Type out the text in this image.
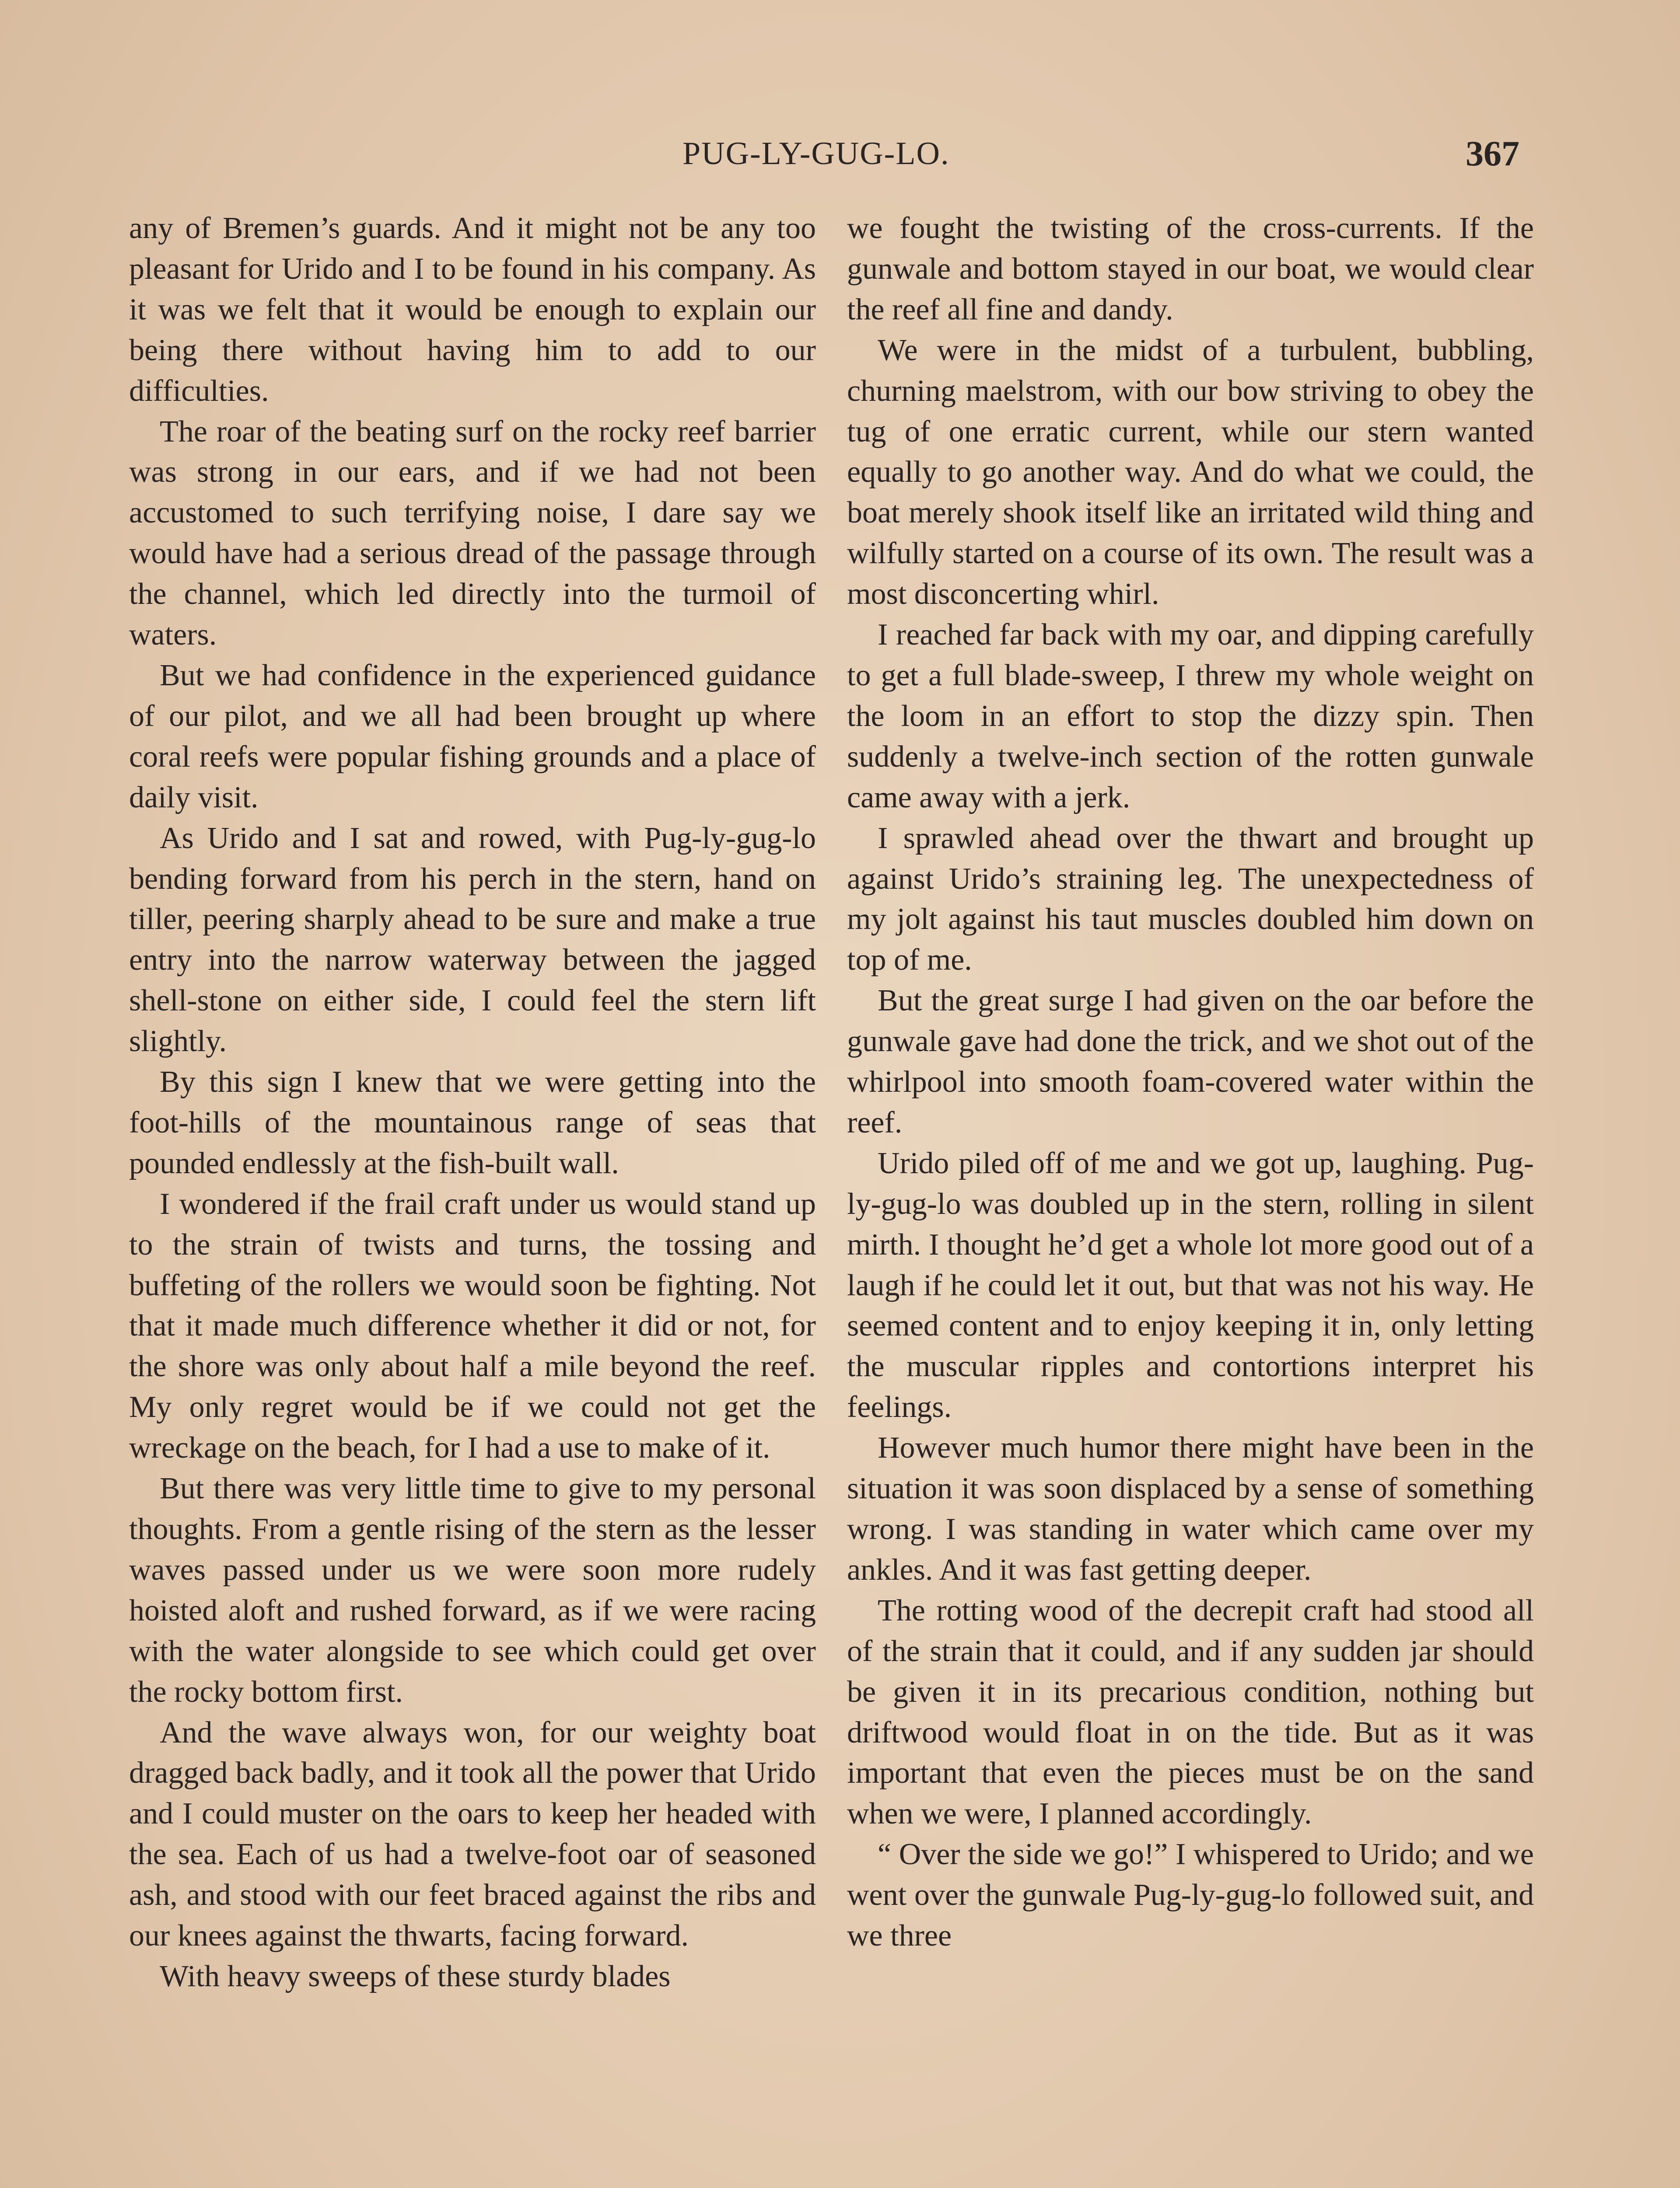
PUG-LY-GUG-LO.	367

any of Bremen’s guards. And it might not be any too pleasant for Urido and I to be found in his company. As it was we felt that it would be enough to explain our being there without having him to add to our difficulties.

The roar of the beating surf on the rocky reef barrier was strong in our ears, and if we had not been accustomed to such terrifying noise, I dare say we would have had a serious dread of the passage through the channel, which led directly into the turmoil of waters.

But we had confidence in the experienced guidance of our pilot, and we all had been brought up where coral reefs were popular fishing grounds and a place of daily visit.

As Urido and I sat and rowed, with Pug-ly-gug-lo bending forward from his perch in the stern, hand on tiller, peering sharply ahead to be sure and make a true entry into the narrow waterway between the jagged shell-stone on either side, I could feel the stern lift slightly.

By this sign I knew that we were getting into the foot-hills of the mountainous range of seas that pounded endlessly at the fish-built wall.

I wondered if the frail craft under us would stand up to the strain of twists and turns, the tossing and buffeting of the rollers we would soon be fighting. Not that it made much difference whether it did or not, for the shore was only about half a mile beyond the reef. My only regret would be if we could not get the wreckage on the beach, for I had a use to make of it.

But there was very little time to give to my personal thoughts. From a gentle rising of the stern as the lesser waves passed under us we were soon more rudely hoisted aloft and rushed forward, as if we were racing with the water alongside to see which could get over the rocky bottom first.

And the wave always won, for our weighty boat dragged back badly, and it took all the power that Urido and I could muster on the oars to keep her headed with the sea. Each of us had a twelve-foot oar of seasoned ash, and stood with our feet braced against the ribs and our knees against the thwarts, facing forward.

With heavy sweeps of these sturdy blades

we fought the twisting of the cross-currents. If the gunwale and bottom stayed in our boat, we would clear the reef all fine and dandy.

We were in the midst of a turbulent, bubbling, churning maelstrom, with our bow striving to obey the tug of one erratic current, while our stern wanted equally to go another way. And do what we could, the boat merely shook itself like an irritated wild thing and wilfully started on a course of its own. The result was a most disconcerting whirl.

I reached far back with my oar, and dipping carefully to get a full blade-sweep, I threw my whole weight on the loom in an effort to stop the dizzy spin. Then suddenly a twelve-inch section of the rotten gunwale came away with a jerk.

I sprawled ahead over the thwart and brought up against Urido’s straining leg. The unexpectedness of my jolt against his taut muscles doubled him down on top of me.

But the great surge I had given on the oar before the gunwale gave had done the trick, and we shot out of the whirlpool into smooth foam-covered water within the reef.

Urido piled off of me and we got up, laughing. Pug-ly-gug-lo was doubled up in the stern, rolling in silent mirth. I thought he’d get a whole lot more good out of a laugh if he could let it out, but that was not his way. He seemed content and to enjoy keeping it in, only letting the muscular ripples and contortions interpret his feelings.

However much humor there might have been in the situation it was soon displaced by a sense of something wrong. I was standing in water which came over my ankles. And it was fast getting deeper.

The rotting wood of the decrepit craft had stood all of the strain that it could, and if any sudden jar should be given it in its precarious condition, nothing but driftwood would float in on the tide. But as it was important that even the pieces must be on the sand when we were, I planned accordingly.

“ Over the side we go!” I whispered to Urido; and we went over the gunwale Pug-ly-gug-lo followed suit, and we three
